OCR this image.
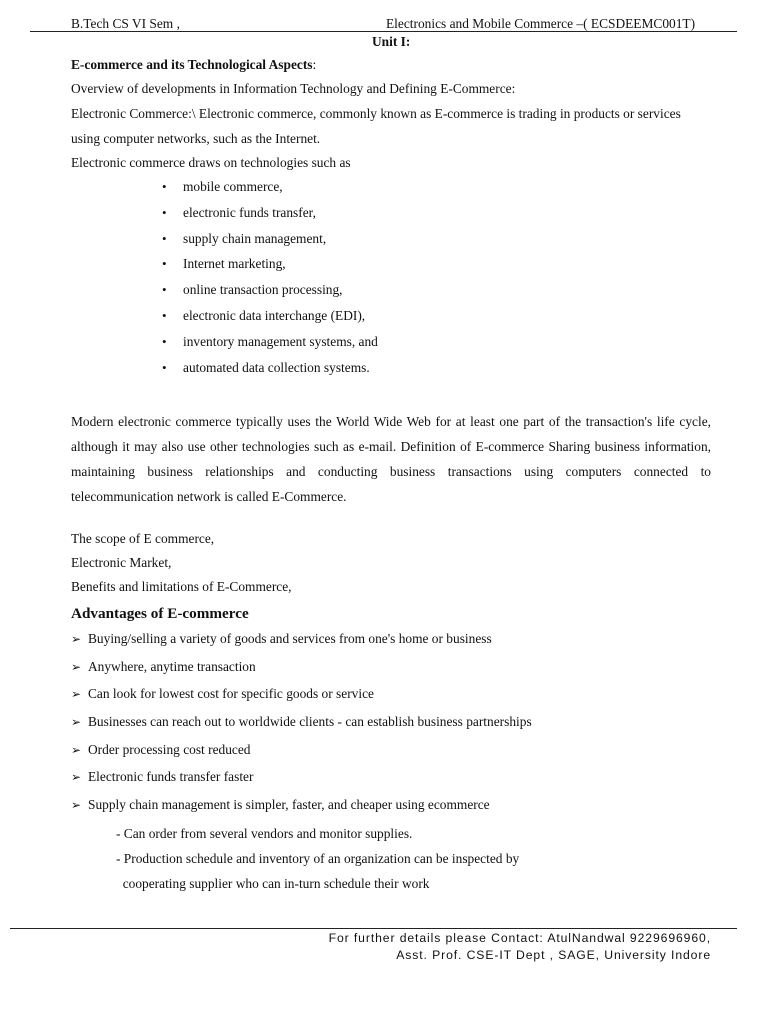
B.Tech CS VI Sem ,	Electronics and Mobile Commerce –( ECSDEEMC001T)
Unit I:
E-commerce and its Technological Aspects:
Overview of developments in Information Technology and Defining E-Commerce:
Electronic Commerce:\ Electronic commerce, commonly known as E-commerce is trading in products or services
using computer networks, such as the Internet.
Electronic commerce draws on technologies such as
• mobile commerce,
• electronic funds transfer,
• supply chain management,
• Internet marketing,
• online transaction processing,
• electronic data interchange (EDI),
• inventory management systems, and
• automated data collection systems.

Modern electronic commerce typically uses the World Wide Web for at least one part of the transaction's life cycle, although it may also use other technologies such as e-mail. Definition of E-commerce Sharing business information, maintaining business relationships and conducting business transactions using computers connected to telecommunication network is called E-Commerce.

The scope of E commerce,
Electronic Market,
Benefits and limitations of E-Commerce,
Advantages of E-commerce
➢ Buying/selling a variety of goods and services from one's home or business
➢ Anywhere, anytime transaction
➢ Can look for lowest cost for specific goods or service
➢ Businesses can reach out to worldwide clients - can establish business partnerships
➢ Order processing cost reduced
➢ Electronic funds transfer faster
➢ Supply chain management is simpler, faster, and cheaper using ecommerce
- Can order from several vendors and monitor supplies.
- Production schedule and inventory of an organization can be inspected by
cooperating supplier who can in-turn schedule their work
For further details please Contact: AtulNandwal 9229696960,
Asst. Prof. CSE-IT Dept , SAGE, University Indore
